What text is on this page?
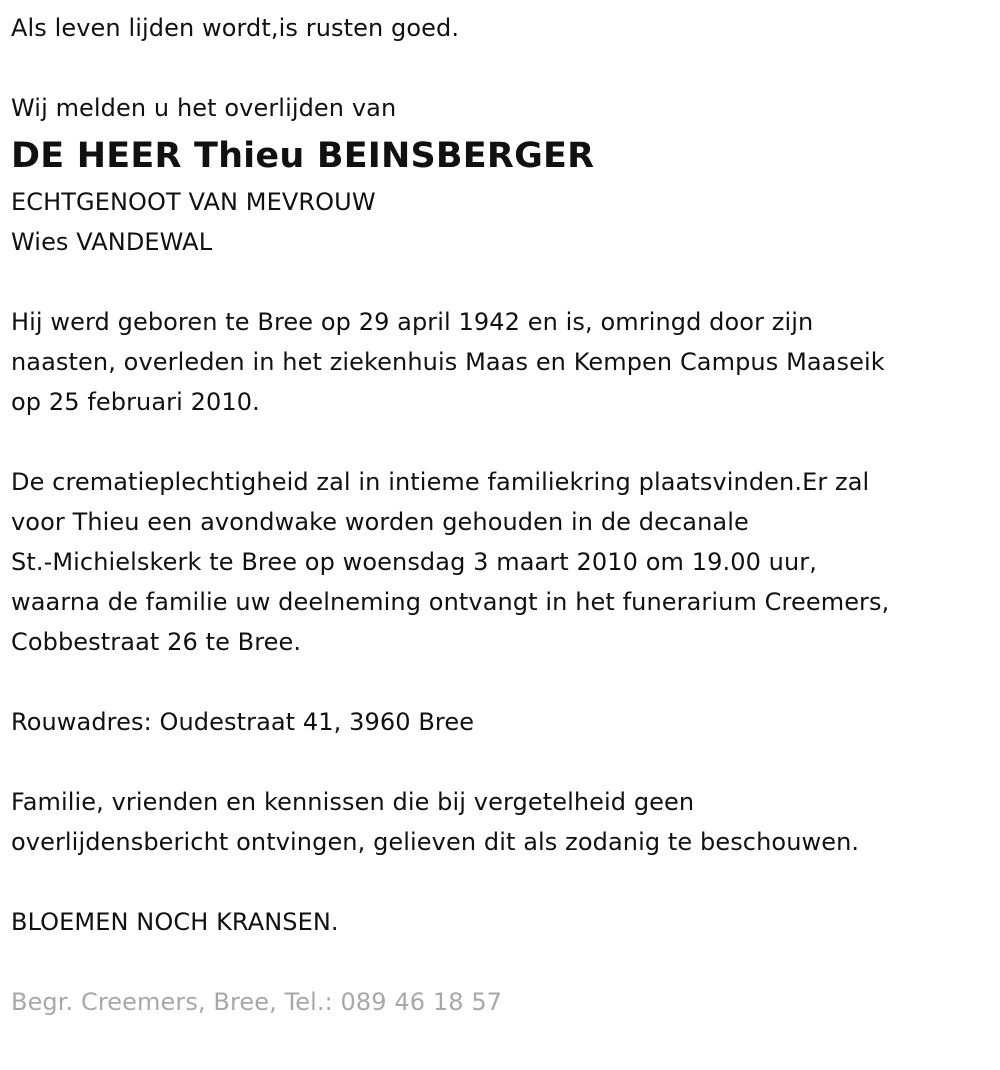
Als leven lijden wordt,is rusten goed.
Wij melden u het overlijden van
DE HEER Thieu BEINSBERGER
ECHTGENOOT VAN MEVROUW
Wies VANDEWAL
Hij werd geboren te Bree op 29 april 1942 en is, omringd door zijn
naasten, overleden in het ziekenhuis Maas en Kempen Campus Maaseik
op 25 februari 2010.
De crematieplechtigheid zal in intieme familiekring plaatsvinden.Er zal
voor Thieu een avondwake worden gehouden in de decanale
St.-Michielskerk te Bree op woensdag 3 maart 2010 om 19.00 uur,
waarna de familie uw deelneming ontvangt in het funerarium Creemers,
Cobbestraat 26 te Bree.
Rouwadres: Oudestraat 41, 3960 Bree
Familie, vrienden en kennissen die bij vergetelheid geen
overlijdensbericht ontvingen, gelieven dit als zodanig te beschouwen.
BLOEMEN NOCH KRANSEN.
Begr. Creemers, Bree, Tel.: 089 46 18 57
